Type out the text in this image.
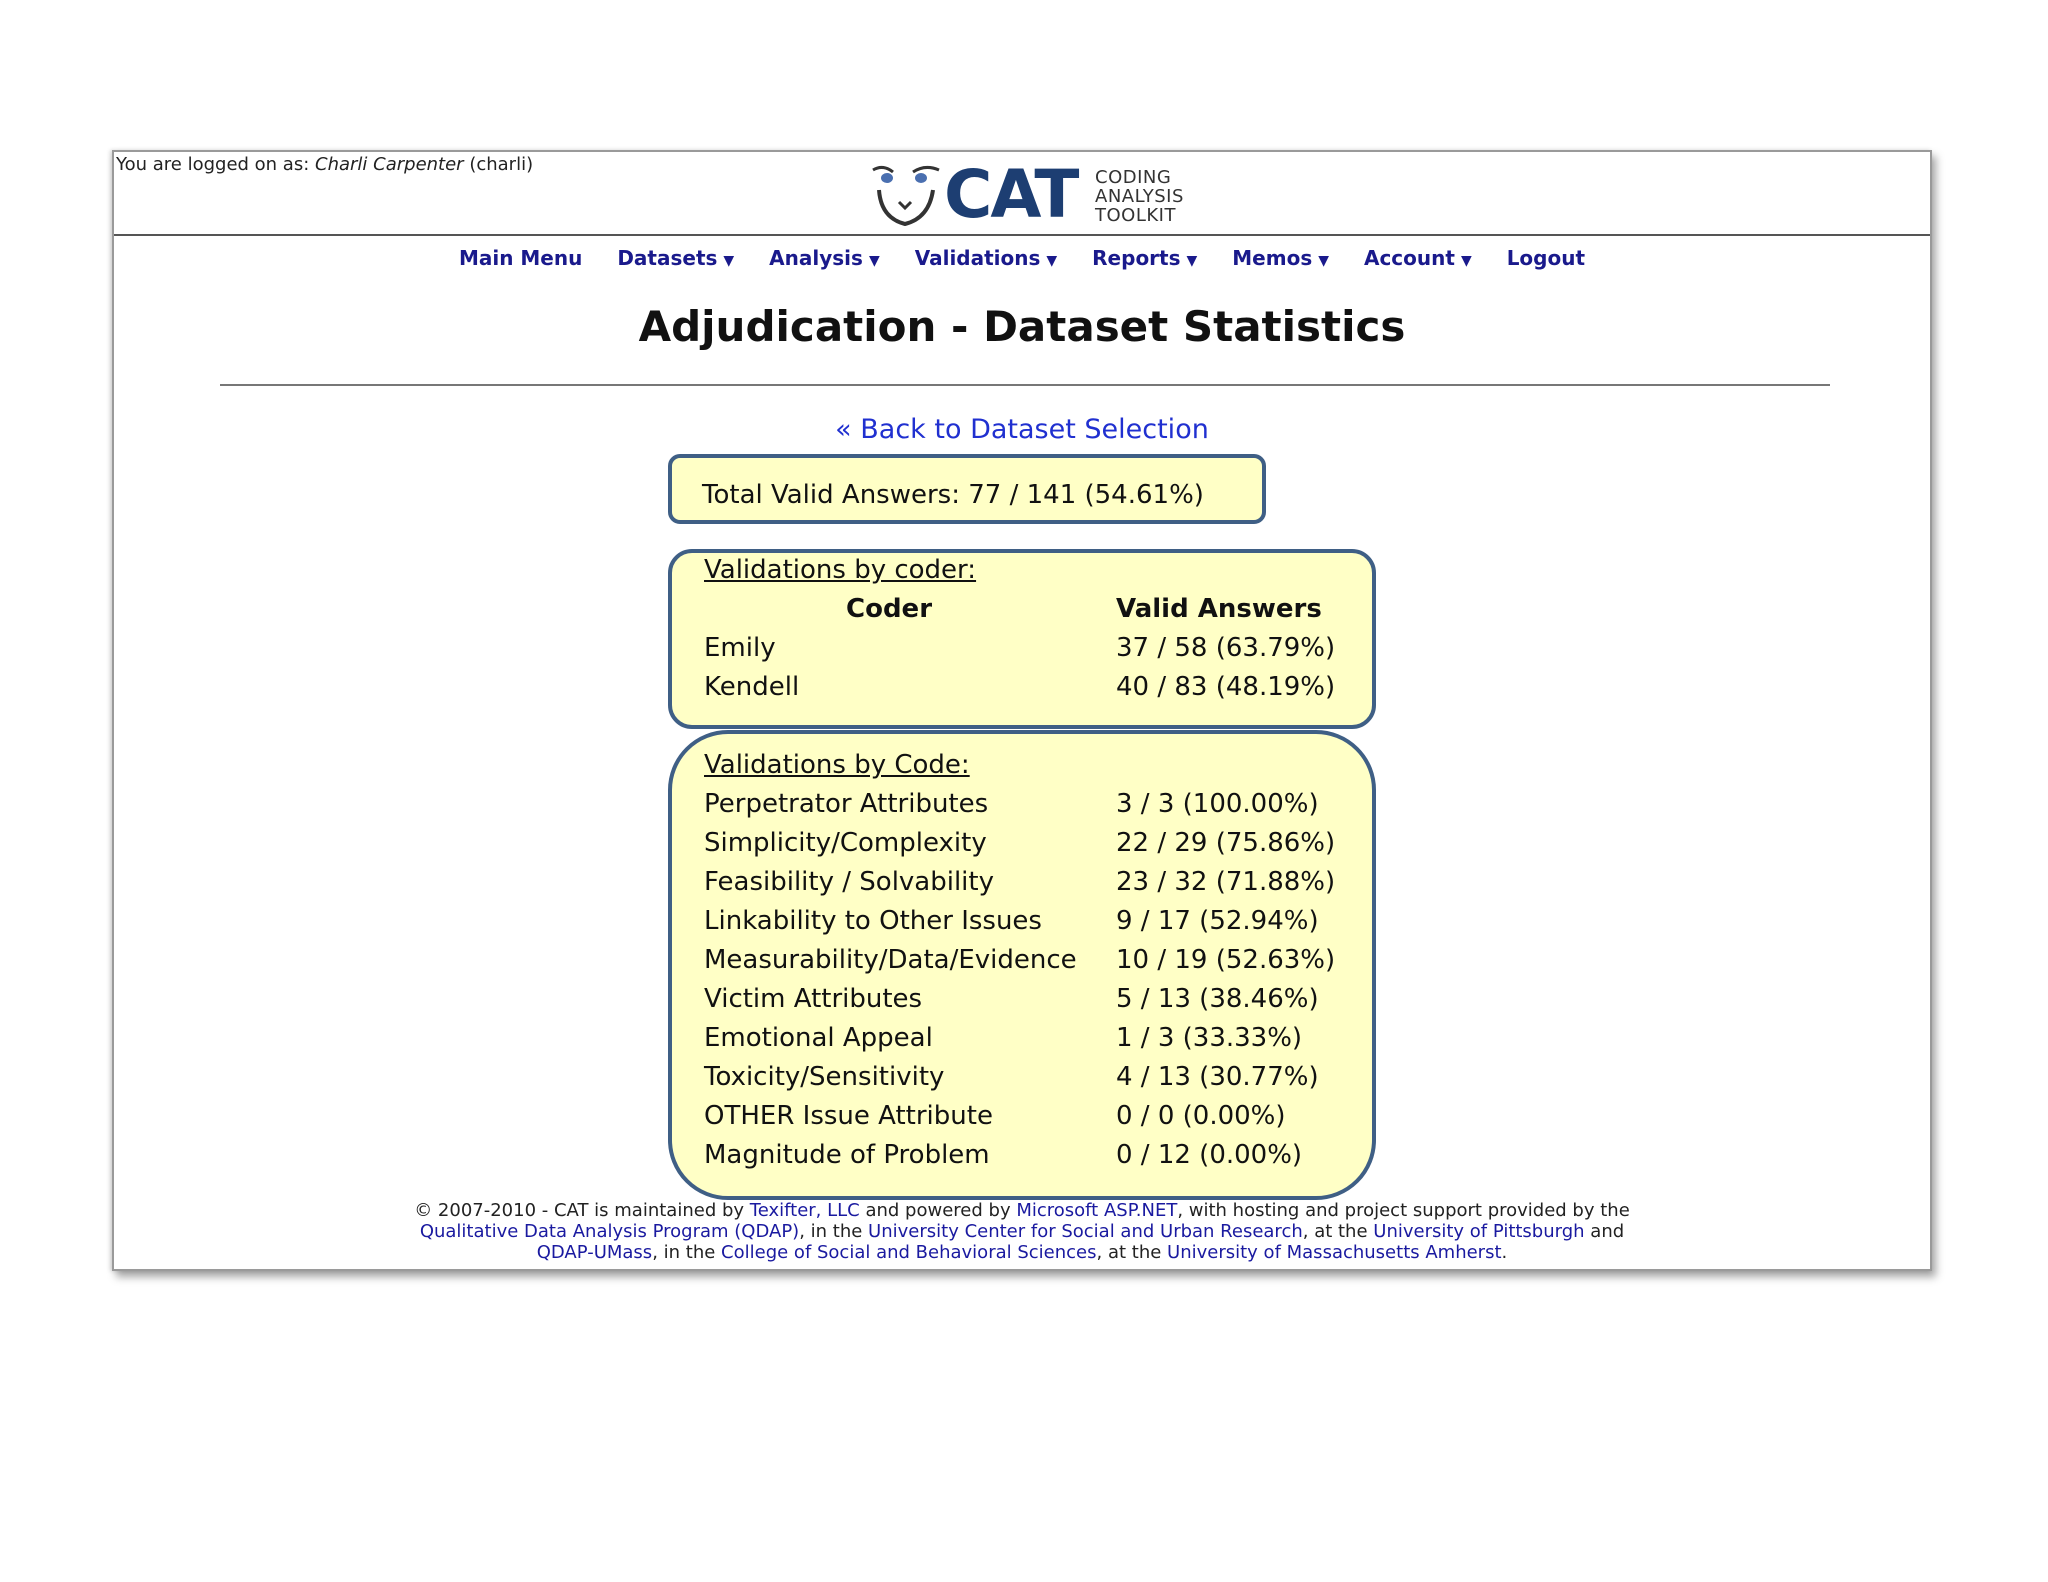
You are logged on as: Charli Carpenter (charli)	CAT CODING
ANALYSIS
TOOLKIT
Main Menu Datasets ▼ Analysis ▼ Validations ▼ Reports ▼ Memos ▼ Account ▼ Logout
Adjudication - Dataset Statistics
« Back to Dataset Selection
Total Valid Answers: 77 / 141 (54.61%)
Validations by coder:
Coder	Valid Answers
Emily	37 / 58 (63.79%)
Kendell	40 / 83 (48.19%)
Validations by Code:
Perpetrator Attributes	3 / 3 (100.00%)
Simplicity/Complexity	22 / 29 (75.86%)
Feasibility / Solvability	23 / 32 (71.88%)
Linkability to Other Issues	9 / 17 (52.94%)
Measurability/Data/Evidence 10 / 19 (52.63%)
Victim Attributes	5 / 13 (38.46%)
Emotional Appeal	1 / 3 (33.33%)
Toxicity/Sensitivity	4 / 13 (30.77%)
OTHER Issue Attribute	0 / 0 (0.00%)
Magnitude of Problem	0 / 12 (0.00%)
© 2007-2010 - CAT is maintained by Texifter, LLC and powered by Microsoft ASP.NET, with hosting and project support provided by the
Qualitative Data Analysis Program (QDAP), in the University Center for Social and Urban Research, at the University of Pittsburgh and
QDAP-UMass, in the College of Social and Behavioral Sciences, at the University of Massachusetts Amherst.
